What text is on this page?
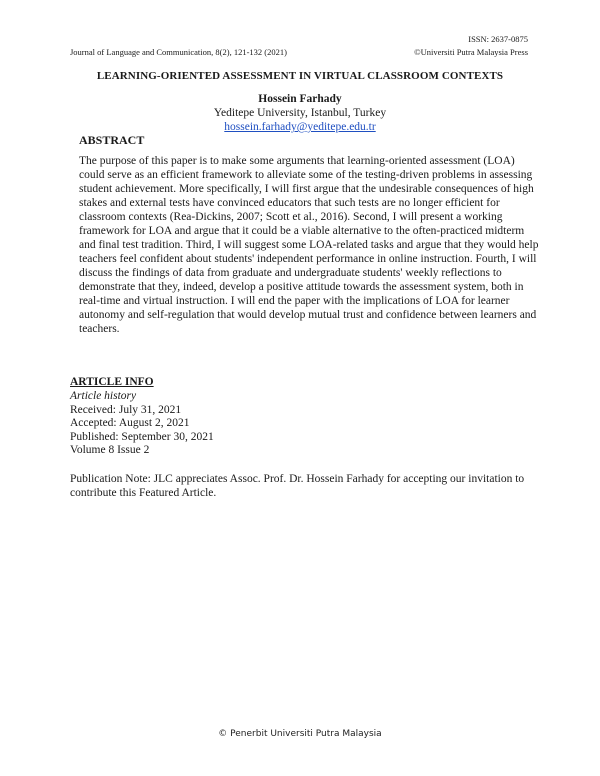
ISSN: 2637-0875
Journal of Language and Communication, 8(2), 121-132 (2021)	©Universiti Putra Malaysia Press
LEARNING-ORIENTED ASSESSMENT IN VIRTUAL CLASSROOM CONTEXTS
Hossein Farhady
Yeditepe University, Istanbul, Turkey
hossein.farhady@yeditepe.edu.tr
ABSTRACT

The purpose of this paper is to make some arguments that learning-oriented assessment (LOA) could serve as an efficient framework to alleviate some of the testing-driven problems in assessing student achievement. More specifically, I will first argue that the undesirable consequences of high stakes and external tests have convinced educators that such tests are no longer efficient for classroom contexts (Rea-Dickins, 2007; Scott et al., 2016). Second, I will present a working framework for LOA and argue that it could be a viable alternative to the often-practiced midterm and final test tradition. Third, I will suggest some LOA-related tasks and argue that they would help teachers feel confident about students' independent performance in online instruction. Fourth, I will discuss the findings of data from graduate and undergraduate students' weekly reflections to demonstrate that they, indeed, develop a positive attitude towards the assessment system, both in real-time and virtual instruction. I will end the paper with the implications of LOA for learner autonomy and self-regulation that would develop mutual trust and confidence between learners and teachers.

ARTICLE INFO
Article history
Received: July 31, 2021
Accepted: August 2, 2021
Published: September 30, 2021
Volume 8 Issue 2
Publication Note: JLC appreciates Assoc. Prof. Dr. Hossein Farhady for accepting our invitation to contribute this Featured Article.
© Penerbit Universiti Putra Malaysia
